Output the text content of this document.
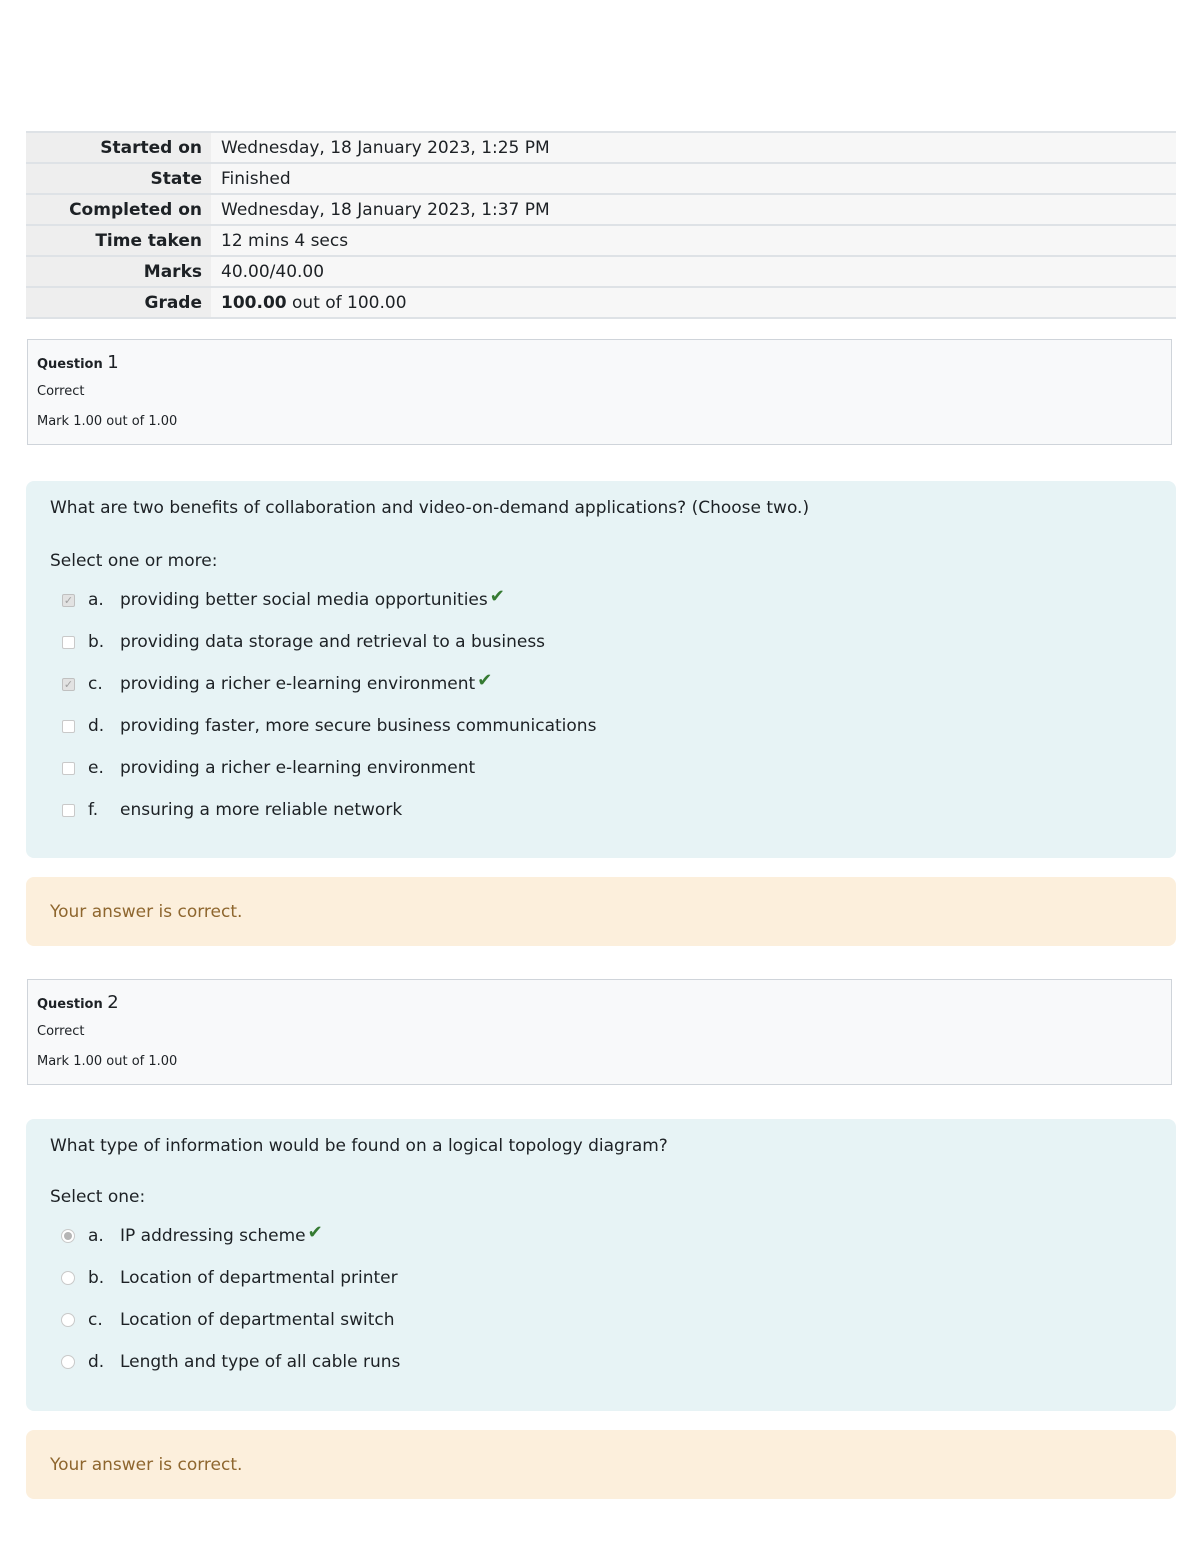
Started on	Wednesday, 18 January 2023, 1:25 PM
State	Finished
Completed on	Wednesday, 18 January 2023, 1:37 PM
Time taken	12 mins 4 secs
Marks	40.00/40.00
Grade	100.00 out of 100.00
Question 1
Correct
Mark 1.00 out of 1.00
What are two benefits of collaboration and video-on-demand applications? (Choose two.)
Select one or more:
✓ a. providing better social media opportunities ✔
b. providing data storage and retrieval to a business
✓ c.	providing a richer e-learning environment ✔
d. providing faster, more secure business communications
e. providing a richer e-learning environment
f.	ensuring a more reliable network
Your answer is correct.
Question 2
Correct
Mark 1.00 out of 1.00
What type of information would be found on a logical topology diagram?
Select one:
a. IP addressing scheme ✔
b. Location of departmental printer
c.	Location of departmental switch
d. Length and type of all cable runs
Your answer is correct.
